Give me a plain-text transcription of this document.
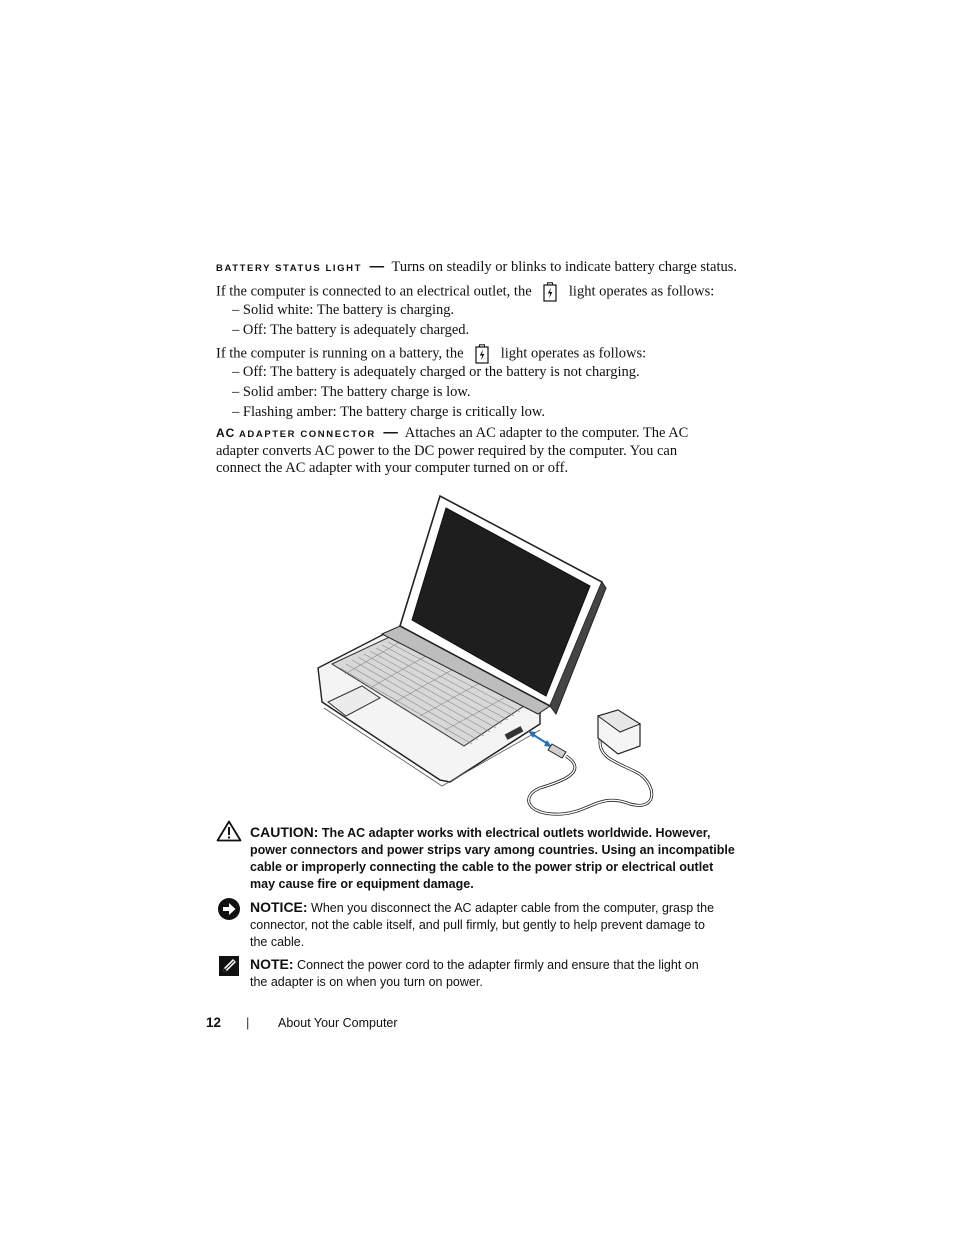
BATTERY STATUS LIGHT — Turns on steadily or blinks to indicate battery charge status.
If the computer is connected to an electrical outlet, the	light operates as follows:
– Solid white: The battery is charging.
– Off: The battery is adequately charged.
If the computer is running on a battery, the	light operates as follows:
– Off: The battery is adequately charged or the battery is not charging.
– Solid amber: The battery charge is low.
– Flashing amber: The battery charge is critically low.
AC ADAPTER CONNECTOR — Attaches an AC adapter to the computer. The AC
adapter converts AC power to the DC power required by the computer. You can
connect the AC adapter with your computer turned on or off.
CAUTION: The AC adapter works with electrical outlets worldwide. However,
power connectors and power strips vary among countries. Using an incompatible
cable or improperly connecting the cable to the power strip or electrical outlet
may cause fire or equipment damage.
NOTICE: When you disconnect the AC adapter cable from the computer, grasp the
connector, not the cable itself, and pull firmly, but gently to help prevent damage to
the cable.
NOTE: Connect the power cord to the adapter firmly and ensure that the light on
the adapter is on when you turn on power.
12 | About Your Computer
